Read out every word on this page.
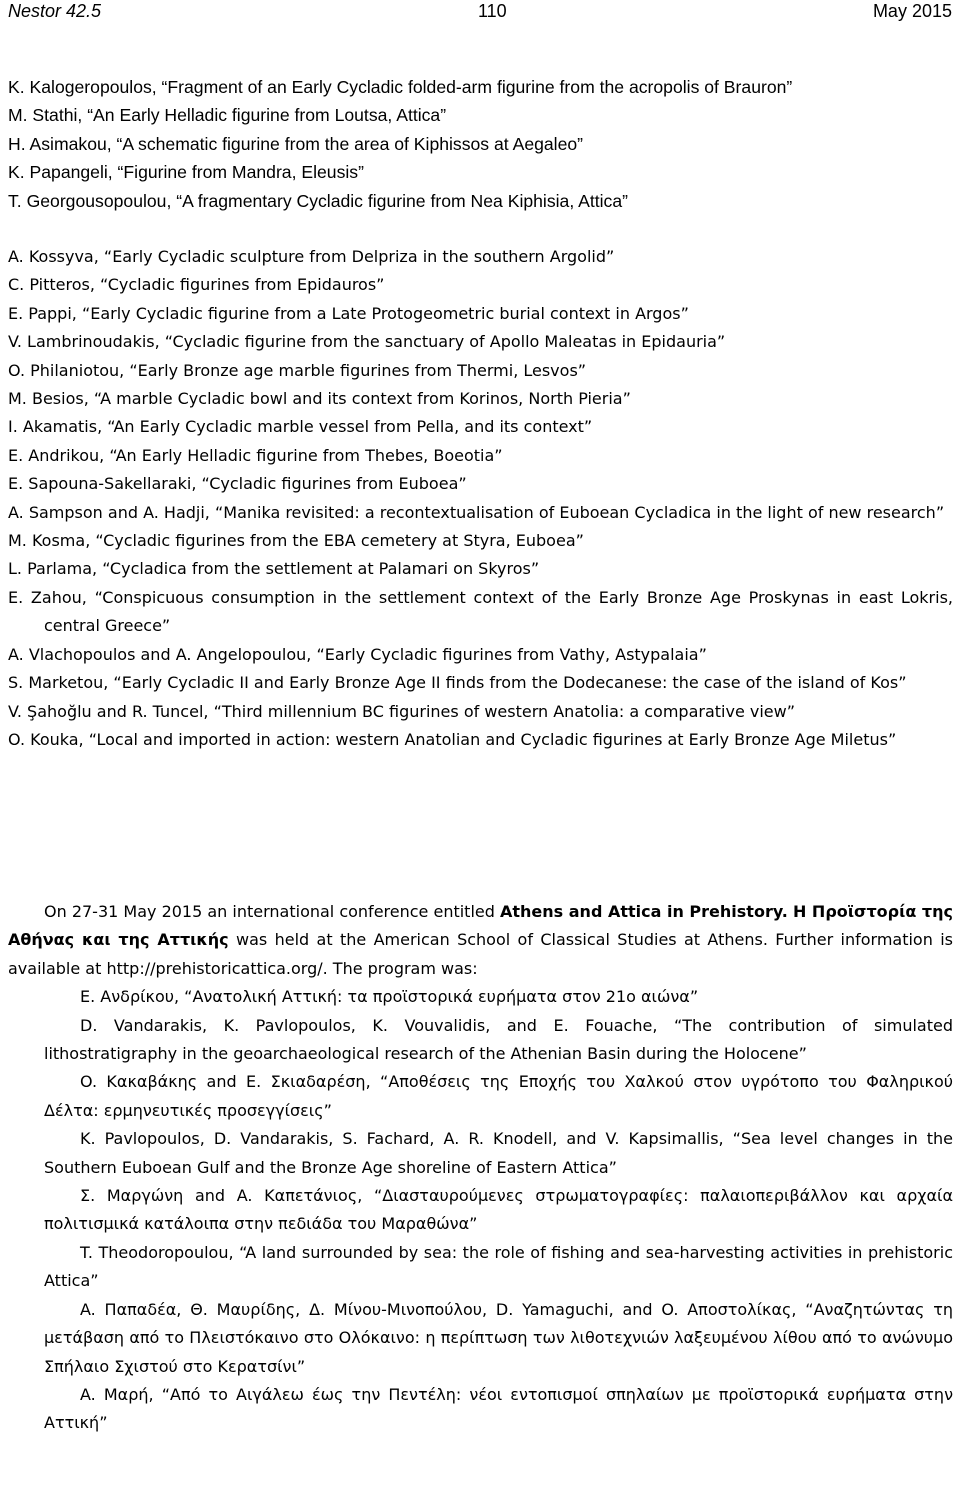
Nestor 42.5	110	May 2015

K. Kalogeropoulos, “Fragment of an Early Cycladic folded-arm figurine from the acropolis of Brauron”

M. Stathi, “An Early Helladic figurine from Loutsa, Attica”

H. Asimakou, “A schematic figurine from the area of Kiphissos at Aegaleo”

K. Papangeli, “Figurine from Mandra, Eleusis”

T. Georgousopoulou, “A fragmentary Cycladic figurine from Nea Kiphisia, Attica”

A. Kossyva, “Early Cycladic sculpture from Delpriza in the southern Argolid”

C. Pitteros, “Cycladic figurines from Epidauros”

E. Pappi, “Early Cycladic figurine from a Late Protogeometric burial context in Argos”

V. Lambrinoudakis, “Cycladic figurine from the sanctuary of Apollo Maleatas in Epidauria”

O. Philaniotou, “Early Bronze age marble figurines from Thermi, Lesvos”

M. Besios, “A marble Cycladic bowl and its context from Korinos, North Pieria”

I. Akamatis, “An Early Cycladic marble vessel from Pella, and its context”

E. Andrikou, “An Early Helladic figurine from Thebes, Boeotia”

E. Sapouna-Sakellaraki, “Cycladic figurines from Euboea”

A. Sampson and A. Hadji, “Manika revisited: a recontextualisation of Euboean Cycladica in the light of new research”

M. Kosma, “Cycladic figurines from the EBA cemetery at Styra, Euboea”

L. Parlama, “Cycladica from the settlement at Palamari on Skyros”

E. Zahou, “Conspicuous consumption in the settlement context of the Early Bronze Age Proskynas in east Lokris, central Greece”

A. Vlachopoulos and A. Angelopoulou, “Early Cycladic figurines from Vathy, Astypalaia”

S. Marketou, “Early Cycladic II and Early Bronze Age II finds from the Dodecanese: the case of the island of Kos”

V. Şahoğlu and R. Tuncel, “Third millennium BC figurines of western Anatolia: a comparative view”

O. Kouka, “Local and imported in action: western Anatolian and Cycladic figurines at Early Bronze Age Miletus”

On 27-31 May 2015 an international conference entitled Athens and Attica in Prehistory. Η Προϊστορία της Αθήνας και της Αττικής was held at the American School of Classical Studies at Athens. Further information is available at http://prehistoricattica.org/. The program was:

E. Ανδρίκου, “Ανατολική Αττική: τα προϊστορικά ευρήματα στον 21ο αιώνα”

D. Vandarakis, K. Pavlopoulos, K. Vouvalidis, and E. Fouache, “The contribution of simulated lithostratigraphy in the geoarchaeological research of the Athenian Basin during the Holocene”

O. Κακαβάκης and E. Σκιαδαρέση, “Αποθέσεις της Εποχής του Χαλκού στον υγρότοπο του Φαληρικού Δέλτα: ερμηνευτικές προσεγγίσεις”

K. Pavlopoulos, D. Vandarakis, S. Fachard, A. R. Knodell, and V. Kapsimallis, “Sea level changes in the Southern Euboean Gulf and the Bronze Age shoreline of Eastern Attica”

Σ. Μαργώνη and A. Καπετάνιος, “Διασταυρούμενες στρωματογραφίες: παλαιοπεριβάλλον και αρχαία πολιτισμικά κατάλοιπα στην πεδιάδα του Μαραθώνα”

T. Theodoropoulou, “A land surrounded by sea: the role of fishing and sea-harvesting activities in prehistoric Attica”

A. Παπαδέα, Θ. Μαυρίδης, Δ. Μίνου-Μινοπούλου, D. Yamaguchi, and O. Αποστολίκας, “Αναζητώντας τη μετάβαση από το Πλειστόκαινο στο Ολόκαινο: η περίπτωση των λιθοτεχνιών λαξευμένου λίθου από το ανώνυμο Σπήλαιο Σχιστού στο Κερατσίνι”

A. Μαρή, “Από το Αιγάλεω έως την Πεντέλη: νέοι εντοπισμοί σπηλαίων με προϊστορικά ευρήματα στην Αττική”
